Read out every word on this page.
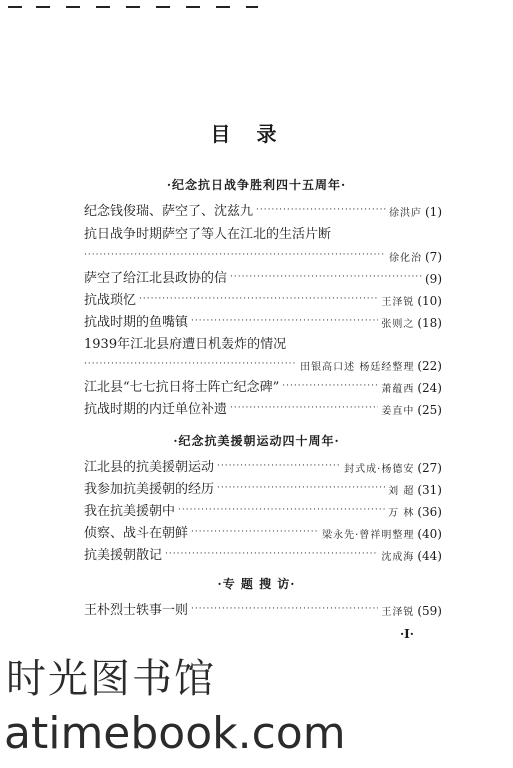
目录
·纪念抗日战争胜利四十五周年·
纪念钱俊瑞、萨空了、沈兹九 ·····	徐洪庐 (1)
抗日战争时期萨空了等人在江北的生活片断
·····
徐化治 (7)
萨空了给江北县政协的信 ·····	(9)
抗战琐忆 ·····	王泽锐 (10)
抗战时期的鱼嘴镇 ·····	张则之 (18)
1939年江北县府遭日机轰炸的情况
·····
田银高口述 杨廷经整理 (22)
江北县“七七抗日将士阵亡纪念碑” ·····	萧蕴西 (24)
抗战时期的内迁单位补遗 ·····	姜直中 (25)
·纪念抗美援朝运动四十周年·
江北县的抗美援朝运动 ·····	封式成·杨德安 (27)
我参加抗美援朝的经历 ·····	刘 超 (31)
我在抗美援朝中 ·····	万 林 (36)
侦察、战斗在朝鲜 ·····	梁永先·曾祥明整理 (40)
抗美援朝散记 ·····	沈成海 (44)
·专 题 搜 访·
王朴烈士轶事一则 ·····	王泽锐 (59)
·I·
时光图书馆
atimebook.com
